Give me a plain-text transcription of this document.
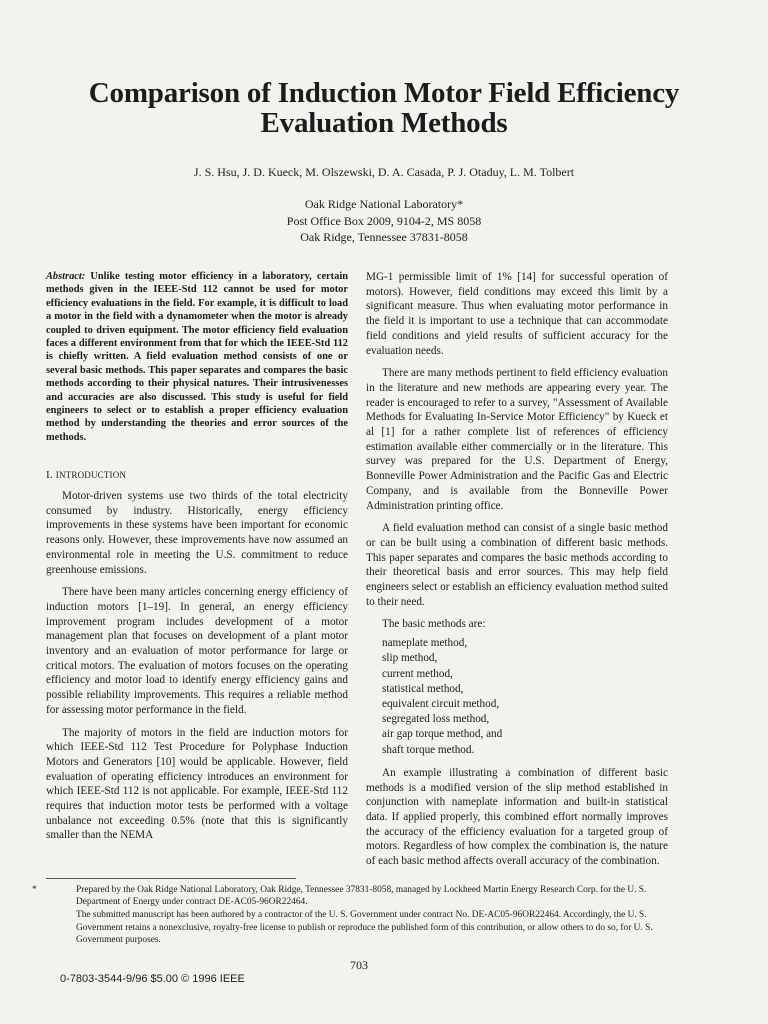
Comparison of Induction Motor Field Efficiency
Evaluation Methods
J. S. Hsu, J. D. Kueck, M. Olszewski, D. A. Casada, P. J. Otaduy, L. M. Tolbert
Oak Ridge National Laboratory*
Post Office Box 2009, 9104-2, MS 8058
Oak Ridge, Tennessee 37831-8058

Abstract: Unlike testing motor efficiency in a laboratory, certain methods given in the IEEE-Std 112 cannot be used for motor efficiency evaluations in the field. For example, it is difficult to load a motor in the field with a dynamometer when the motor is already coupled to driven equipment. The motor efficiency field evaluation faces a different environment from that for which the IEEE-Std 112 is chiefly written. A field evaluation method consists of one or several basic methods. This paper separates and compares the basic methods according to their physical natures. Their intrusivenesses and accuracies are also discussed. This study is useful for field engineers to select or to establish a proper efficiency evaluation method by understanding the theories and error sources of the methods.

I. INTRODUCTION

Motor-driven systems use two thirds of the total electricity consumed by industry. Historically, energy efficiency improvements in these systems have been important for economic reasons only. However, these improvements have now assumed an environmental role in meeting the U.S. commitment to reduce greenhouse emissions.

There have been many articles concerning energy efficiency of induction motors [1–19]. In general, an energy efficiency improvement program includes development of a motor management plan that focuses on development of a plant motor inventory and an evaluation of motor performance for large or critical motors. The evaluation of motors focuses on the operating efficiency and motor load to identify energy efficiency gains and possible reliability improvements. This requires a reliable method for assessing motor performance in the field.

The majority of motors in the field are induction motors for which IEEE-Std 112 Test Procedure for Polyphase Induction Motors and Generators [10] would be applicable. However, field evaluation of operating efficiency introduces an environment for which IEEE-Std 112 is not applicable. For example, IEEE-Std 112 requires that induction motor tests be performed with a voltage unbalance not exceeding 0.5% (note that this is significantly smaller than the NEMA

MG-1 permissible limit of 1% [14] for successful operation of motors). However, field conditions may exceed this limit by a significant measure. Thus when evaluating motor performance in the field it is important to use a technique that can accommodate field conditions and yield results of sufficient accuracy for the evaluation needs.

There are many methods pertinent to field efficiency evaluation in the literature and new methods are appearing every year. The reader is encouraged to refer to a survey, "Assessment of Available Methods for Evaluating In-Service Motor Efficiency" by Kueck et al [1] for a rather complete list of references of efficiency estimation available either commercially or in the literature. This survey was prepared for the U.S. Department of Energy, Bonneville Power Administration and the Pacific Gas and Electric Company, and is available from the Bonneville Power Administration printing office.

A field evaluation method can consist of a single basic method or can be built using a combination of different basic methods. This paper separates and compares the basic methods according to their theoretical basis and error sources. This may help field engineers select or establish an efficiency evaluation method suited to their need.

The basic methods are:

nameplate method,
slip method,
current method,
statistical method,
equivalent circuit method,
segregated loss method,
air gap torque method, and
shaft torque method.

An example illustrating a combination of different basic methods is a modified version of the slip method established in conjunction with nameplate information and built-in statistical data. If applied properly, this combined effort normally improves the accuracy of the efficiency evaluation for a targeted group of motors. Regardless of how complex the combination is, the nature of each basic method affects overall accuracy of the combination.

*	Prepared by the Oak Ridge National Laboratory, Oak Ridge, Tennessee 37831-8058, managed by Lockheed Martin Energy Research Corp. for the U. S. Department of Energy under contract DE-AC05-96OR22464.

The submitted manuscript has been authored by a contractor of the U. S. Government under contract No. DE-AC05-96OR22464. Accordingly, the U. S. Government retains a nonexclusive, royalty-free license to publish or reproduce the published form of this contribution, or allow others to do so, for U. S. Government purposes.

703
0-7803-3544-9/96 $5.00 © 1996 IEEE
